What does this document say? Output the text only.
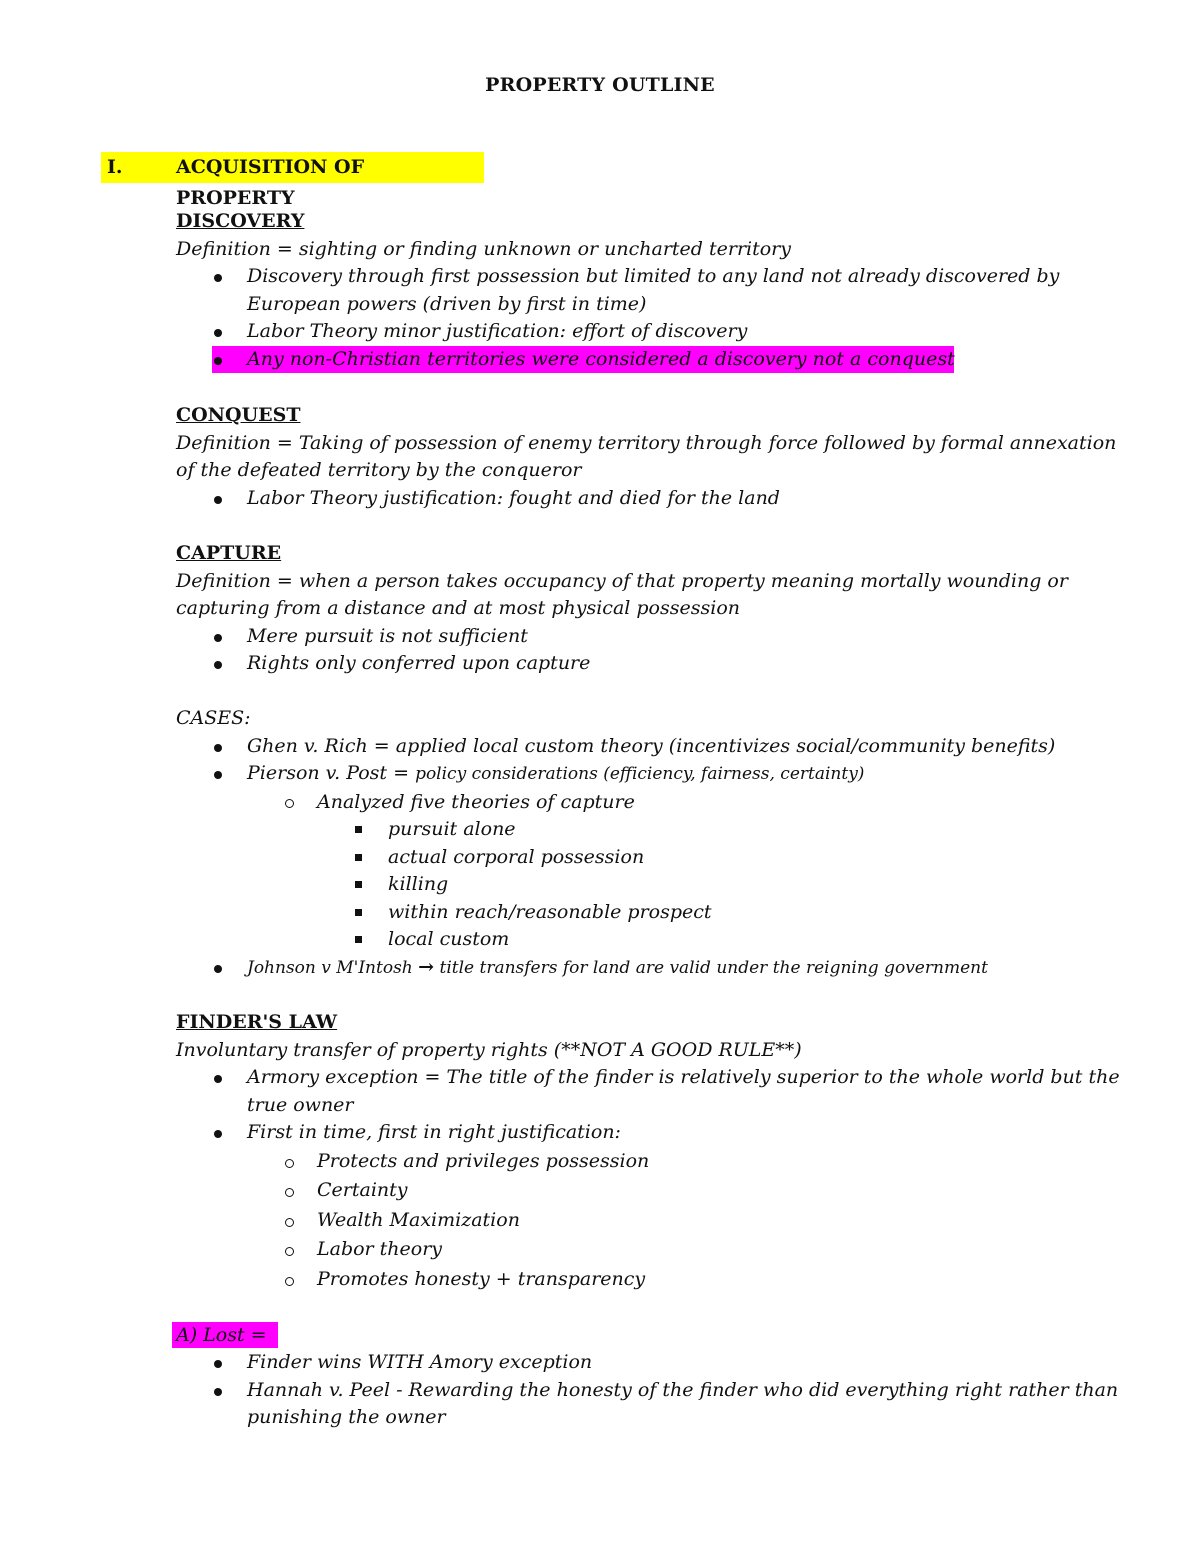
PROPERTY OUTLINE
I.	ACQUISITION OF PROPERTY
DISCOVERY
Definition = sighting or finding unknown or uncharted territory
Discovery through first possession but limited to any land not already discovered by
European powers (driven by first in time)
Labor Theory minor justification: effort of discovery
Any non-Christian territories were considered a discovery not a conquest
CONQUEST
Definition = Taking of possession of enemy territory through force followed by formal annexation
of the defeated territory by the conqueror
Labor Theory justification: fought and died for the land
CAPTURE
Definition = when a person takes occupancy of that property meaning mortally wounding or
capturing from a distance and at most physical possession
Mere pursuit is not sufficient
Rights only conferred upon capture
CASES:
Ghen v. Rich = applied local custom theory (incentivizes social/community benefits)
Pierson v. Post = policy considerations (efficiency, fairness, certainty)
Analyzed five theories of capture
pursuit alone
actual corporal possession
killing
within reach/reasonable prospect
local custom
Johnson v M'Intosh → title transfers for land are valid under the reigning government
FINDER'S LAW
Involuntary transfer of property rights (**NOT A GOOD RULE**)
Armory exception = The title of the finder is relatively superior to the whole world but the
true owner
First in time, first in right justification:
Protects and privileges possession
Certainty
Wealth Maximization
Labor theory
Promotes honesty + transparency
A) Lost =
Finder wins WITH Amory exception
Hannah v. Peel - Rewarding the honesty of the finder who did everything right rather than
punishing the owner
